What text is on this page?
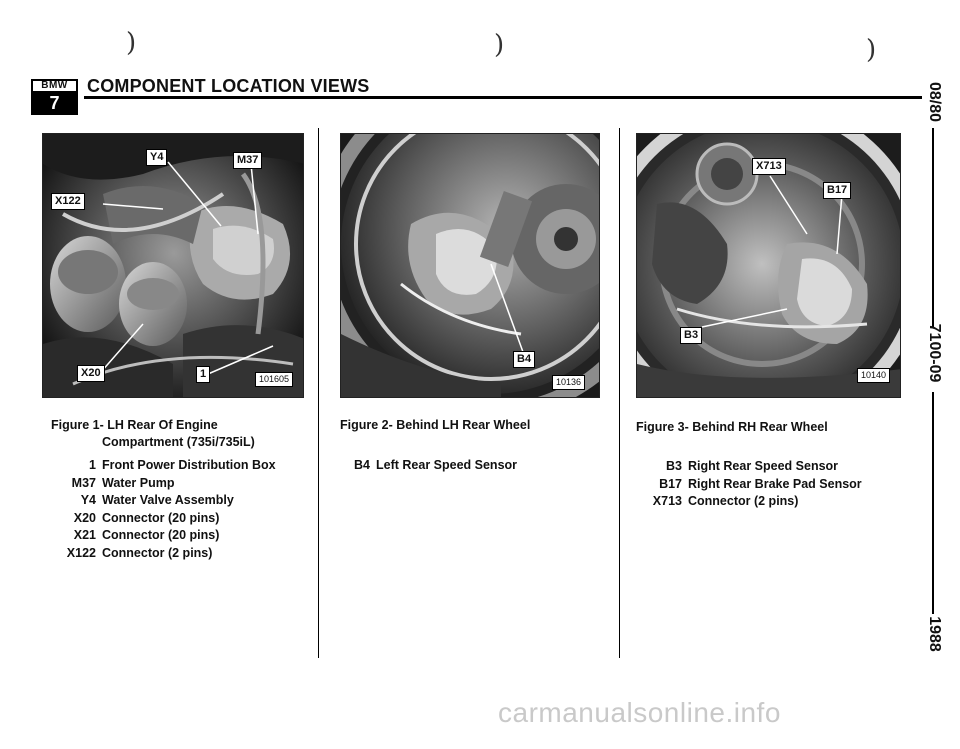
)	)	)
BMW
7
COMPONENT LOCATION VIEWS	08/80
7100-09
1988
Y4	M37
X122
X20	1	101605
Figure 1- LH Rear Of Engine
Compartment (735i/735iL)
1 Front Power Distribution Box
M37 Water Pump
Y4 Water Valve Assembly
X20 Connector (20 pins)
X21 Connector (20 pins)
X122 Connector (2 pins)
B4
10136
Figure 2- Behind LH Rear Wheel
B4 Left Rear Speed Sensor
X713
B17
B3
10140
Figure 3- Behind RH Rear Wheel
B3 Right Rear Speed Sensor
B17 Right Rear Brake Pad Sensor
X713 Connector (2 pins)
carmanualsonline.info
